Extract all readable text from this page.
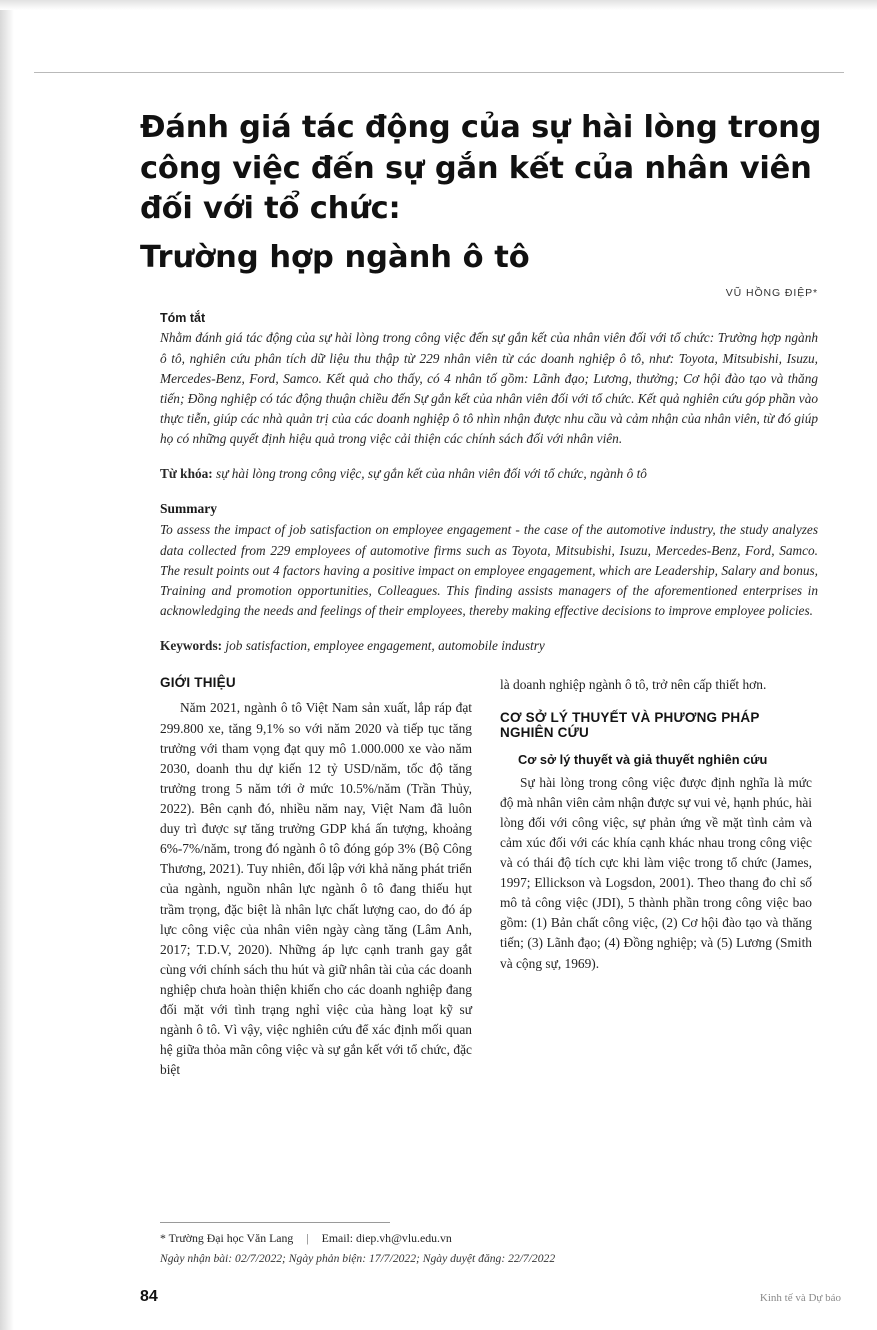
Đánh giá tác động của sự hài lòng trong
công việc đến sự gắn kết của nhân viên
đối với tổ chức:
Trường hợp ngành ô tô
VŨ HỒNG ĐIỆP*
Tóm tắt

Nhằm đánh giá tác động của sự hài lòng trong công việc đến sự gắn kết của nhân viên đối với tổ chức: Trường hợp ngành ô tô, nghiên cứu phân tích dữ liệu thu thập từ 229 nhân viên từ các doanh nghiệp ô tô, như: Toyota, Mitsubishi, Isuzu, Mercedes-Benz, Ford, Samco. Kết quả cho thấy, có 4 nhân tố gồm: Lãnh đạo; Lương, thưởng; Cơ hội đào tạo và thăng tiến; Đồng nghiệp có tác động thuận chiều đến Sự gắn kết của nhân viên đối với tổ chức. Kết quả nghiên cứu góp phần vào thực tiễn, giúp các nhà quản trị của các doanh nghiệp ô tô nhìn nhận được nhu cầu và cảm nhận của nhân viên, từ đó giúp họ có những quyết định hiệu quả trong việc cải thiện các chính sách đối với nhân viên.

Từ khóa: sự hài lòng trong công việc, sự gắn kết của nhân viên đối với tổ chức, ngành ô tô

Summary

To assess the impact of job satisfaction on employee engagement - the case of the automotive industry, the study analyzes data collected from 229 employees of automotive firms such as Toyota, Mitsubishi, Isuzu, Mercedes-Benz, Ford, Samco. The result points out 4 factors having a positive impact on employee engagement, which are Leadership, Salary and bonus, Training and promotion opportunities, Colleagues. This finding assists managers of the aforementioned enterprises in acknowledging the needs and feelings of their employees, thereby making effective decisions to improve employee policies.

Keywords: job satisfaction, employee engagement, automobile industry

GIỚI THIỆU

Năm 2021, ngành ô tô Việt Nam sản xuất, lắp ráp đạt 299.800 xe, tăng 9,1% so với năm 2020 và tiếp tục tăng trưởng với tham vọng đạt quy mô 1.000.000 xe vào năm 2030, doanh thu dự kiến 12 tỷ USD/năm, tốc độ tăng trưởng trong 5 năm tới ở mức 10.5%/năm (Trần Thủy, 2022). Bên cạnh đó, nhiều năm nay, Việt Nam đã luôn duy trì được sự tăng trưởng GDP khá ấn tượng, khoảng 6%-7%/năm, trong đó ngành ô tô đóng góp 3% (Bộ Công Thương, 2021). Tuy nhiên, đối lập với khả năng phát triển của ngành, nguồn nhân lực ngành ô tô đang thiếu hụt trầm trọng, đặc biệt là nhân lực chất lượng cao, do đó áp lực công việc của nhân viên ngày càng tăng (Lâm Anh, 2017; T.D.V, 2020). Những áp lực cạnh tranh gay gắt cùng với chính sách thu hút và giữ nhân tài của các doanh nghiệp chưa hoàn thiện khiến cho các doanh nghiệp đang đối mặt với tình trạng nghỉ việc của hàng loạt kỹ sư ngành ô tô. Vì vậy, việc nghiên cứu để xác định mối quan hệ giữa thỏa mãn công việc và sự gắn kết với tổ chức, đặc biệt

là doanh nghiệp ngành ô tô, trở nên cấp thiết hơn.

CƠ SỞ LÝ THUYẾT VÀ PHƯƠNG PHÁP NGHIÊN CỨU
Cơ sở lý thuyết và giả thuyết nghiên cứu

Sự hài lòng trong công việc được định nghĩa là mức độ mà nhân viên cảm nhận được sự vui vẻ, hạnh phúc, hài lòng đối với công việc, sự phản ứng về mặt tình cảm và cảm xúc đối với các khía cạnh khác nhau trong công việc và có thái độ tích cực khi làm việc trong tổ chức (James, 1997; Ellickson và Logsdon, 2001). Theo thang đo chỉ số mô tả công việc (JDI), 5 thành phần trong công việc bao gồm: (1) Bản chất công việc, (2) Cơ hội đào tạo và thăng tiến; (3) Lãnh đạo; (4) Đồng nghiệp; và (5) Lương (Smith và cộng sự, 1969).

* Trường Đại học Văn Lang | Email: diep.vh@vlu.edu.vn
Ngày nhận bài: 02/7/2022; Ngày phản biện: 17/7/2022; Ngày duyệt đăng: 22/7/2022
84	Kinh tế và Dự báo
